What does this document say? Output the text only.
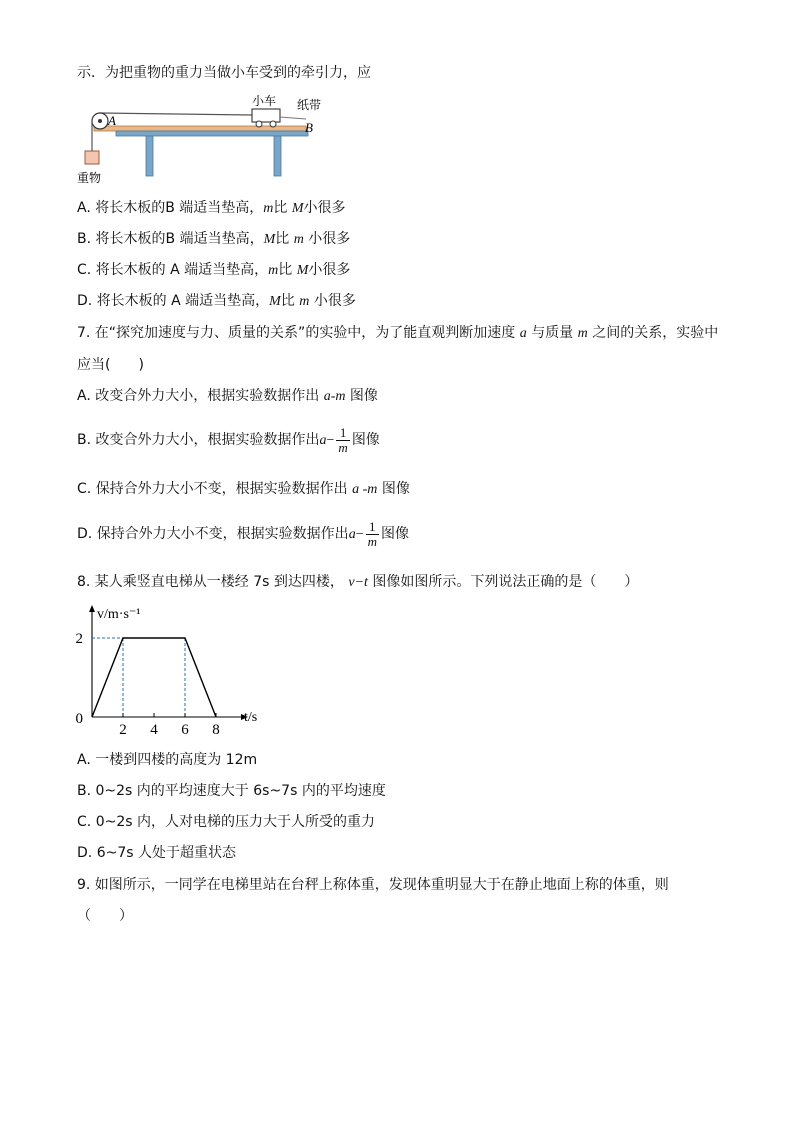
示．为把重物的重力当做小车受到的牵引力，应
A	B
小车 纸带
重物
A. 将长木板的B 端适当垫高，m比 M小很多
B. 将长木板的B 端适当垫高，M比 m 小很多
C. 将长木板的 A 端适当垫高，m比 M小很多
D. 将长木板的 A 端适当垫高，M比 m 小很多
7. 在“探究加速度与力、质量的关系”的实验中，为了能直观判断加速度 a 与质量 m 之间的关系，实验中
应当(　　)
A. 改变合外力大小，根据实验数据作出 a-m 图像
B. 改变合外力大小，根据实验数据作出$a- \frac{1}{m}$ 图像
C. 保持合外力大小不变，根据实验数据作出 a -m 图像
D. 保持合外力大小不变，根据实验数据作出$a- \frac{1}{m}$ 图像
8. 某人乘竖直电梯从一楼经 7s 到达四楼， v−t 图像如图所示。下列说法正确的是（　　）
2 4 6 8
2
0
v/m·s⁻¹
t/s
A. 一楼到四楼的高度为 12m
B. 0~2s 内的平均速度大于 6s~7s 内的平均速度
C. 0~2s 内，人对电梯的压力大于人所受的重力
D. 6~7s 人处于超重状态
9. 如图所示，一同学在电梯里站在台秤上称体重，发现体重明显大于在静止地面上称的体重，则
（　　）
